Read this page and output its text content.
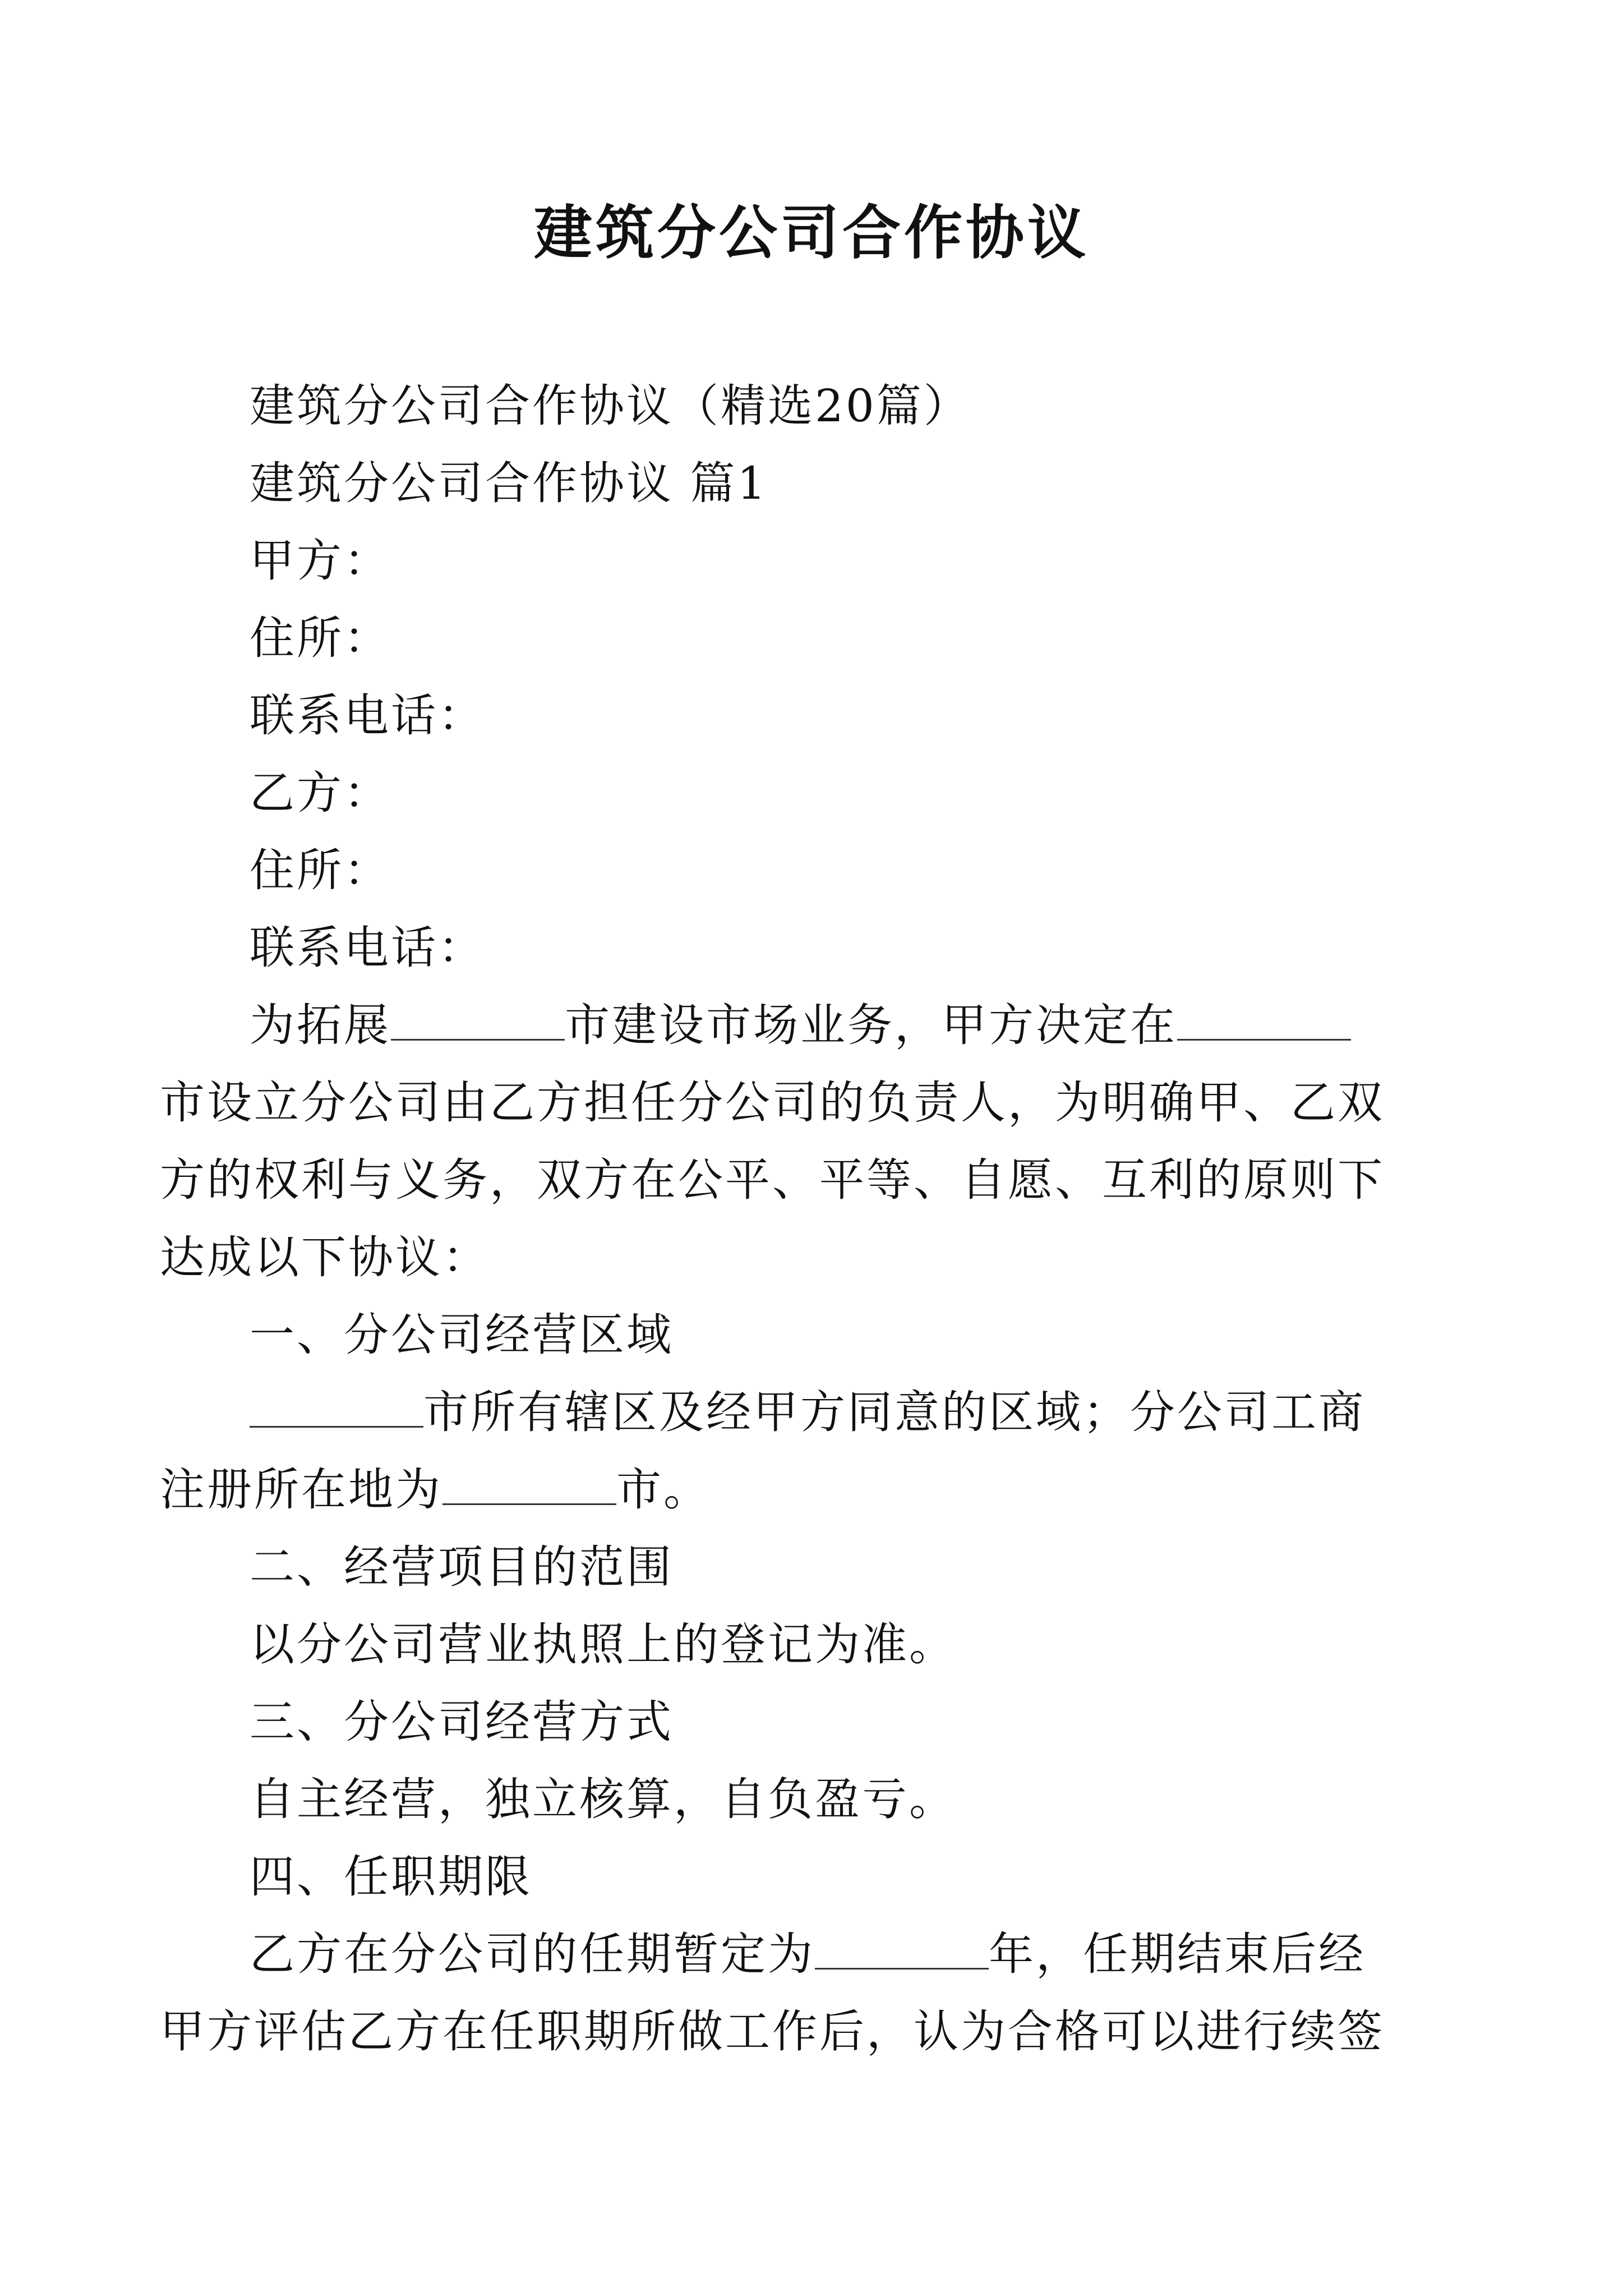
建筑分公司合作协议
建筑分公司合作协议（精选20篇）
建筑分公司合作协议 篇1
甲方：
住所：
联系电话：
乙方：
住所：
联系电话：
为拓展	市建设市场业务，甲方决定在
市设立分公司由乙方担任分公司的负责人，为明确甲、乙双
方的权利与义务，双方在公平、平等、自愿、互利的原则下
达成以下协议：
一、分公司经营区域
市所有辖区及经甲方同意的区域；分公司工商
注册所在地为	市。
二、经营项目的范围
以分公司营业执照上的登记为准。
三、分公司经营方式
自主经营，独立核算，自负盈亏。
四、任职期限
乙方在分公司的任期暂定为	年，任期结束后经
甲方评估乙方在任职期所做工作后，认为合格可以进行续签
